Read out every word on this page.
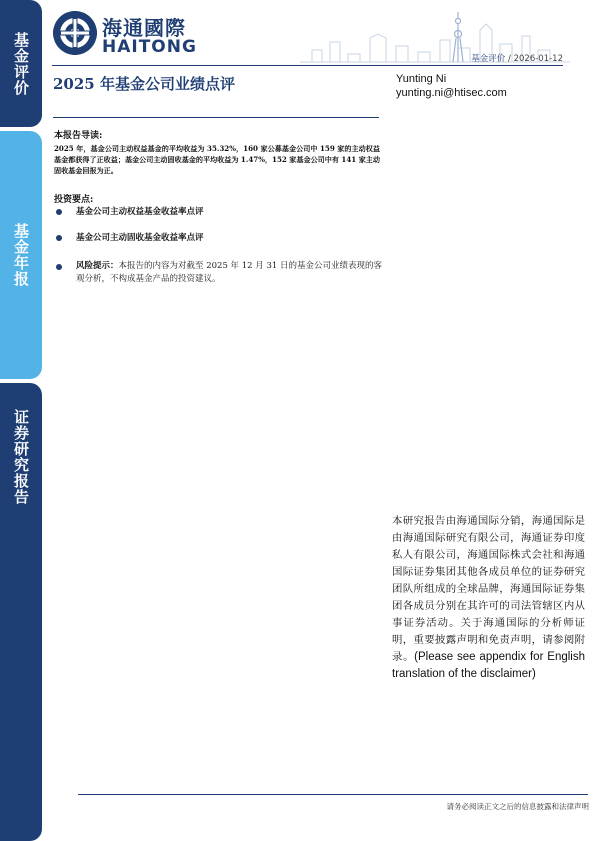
基金评价
基金年报
证券研究报告
海通國際
HAITONG
基金评价 / 2026-01-12
2025 年基金公司业绩点评	Yunting Ni
yunting.ni@htisec.com
本报告导读:

2025 年，基金公司主动权益基金的平均收益为 35.32%，160 家公募基金公司中 159 家的主动权益基金都获得了正收益；基金公司主动固收基金的平均收益为 1.47%，152 家基金公司中有 141 家主动固收基金回报为正。

投资要点:
基金公司主动权益基金收益率点评
基金公司主动固收基金收益率点评
风险提示：本报告的内容为对截至 2025 年 12 月 31 日的基金公司业绩表现的客观分析，不构成基金产品的投资建议。
本研究报告由海通国际分销，海通国际是由海通国际研究有限公司，海通证券印度私人有限公司，海通国际株式会社和海通国际证券集团其他各成员单位的证券研究团队所组成的全球品牌，海通国际证券集团各成员分别在其许可的司法管辖区内从事证券活动。关于海通国际的分析师证明，重要披露声明和免责声明，请参阅附录。(Please see appendix for English translation of the disclaimer)
请务必阅读正文之后的信息披露和法律声明
